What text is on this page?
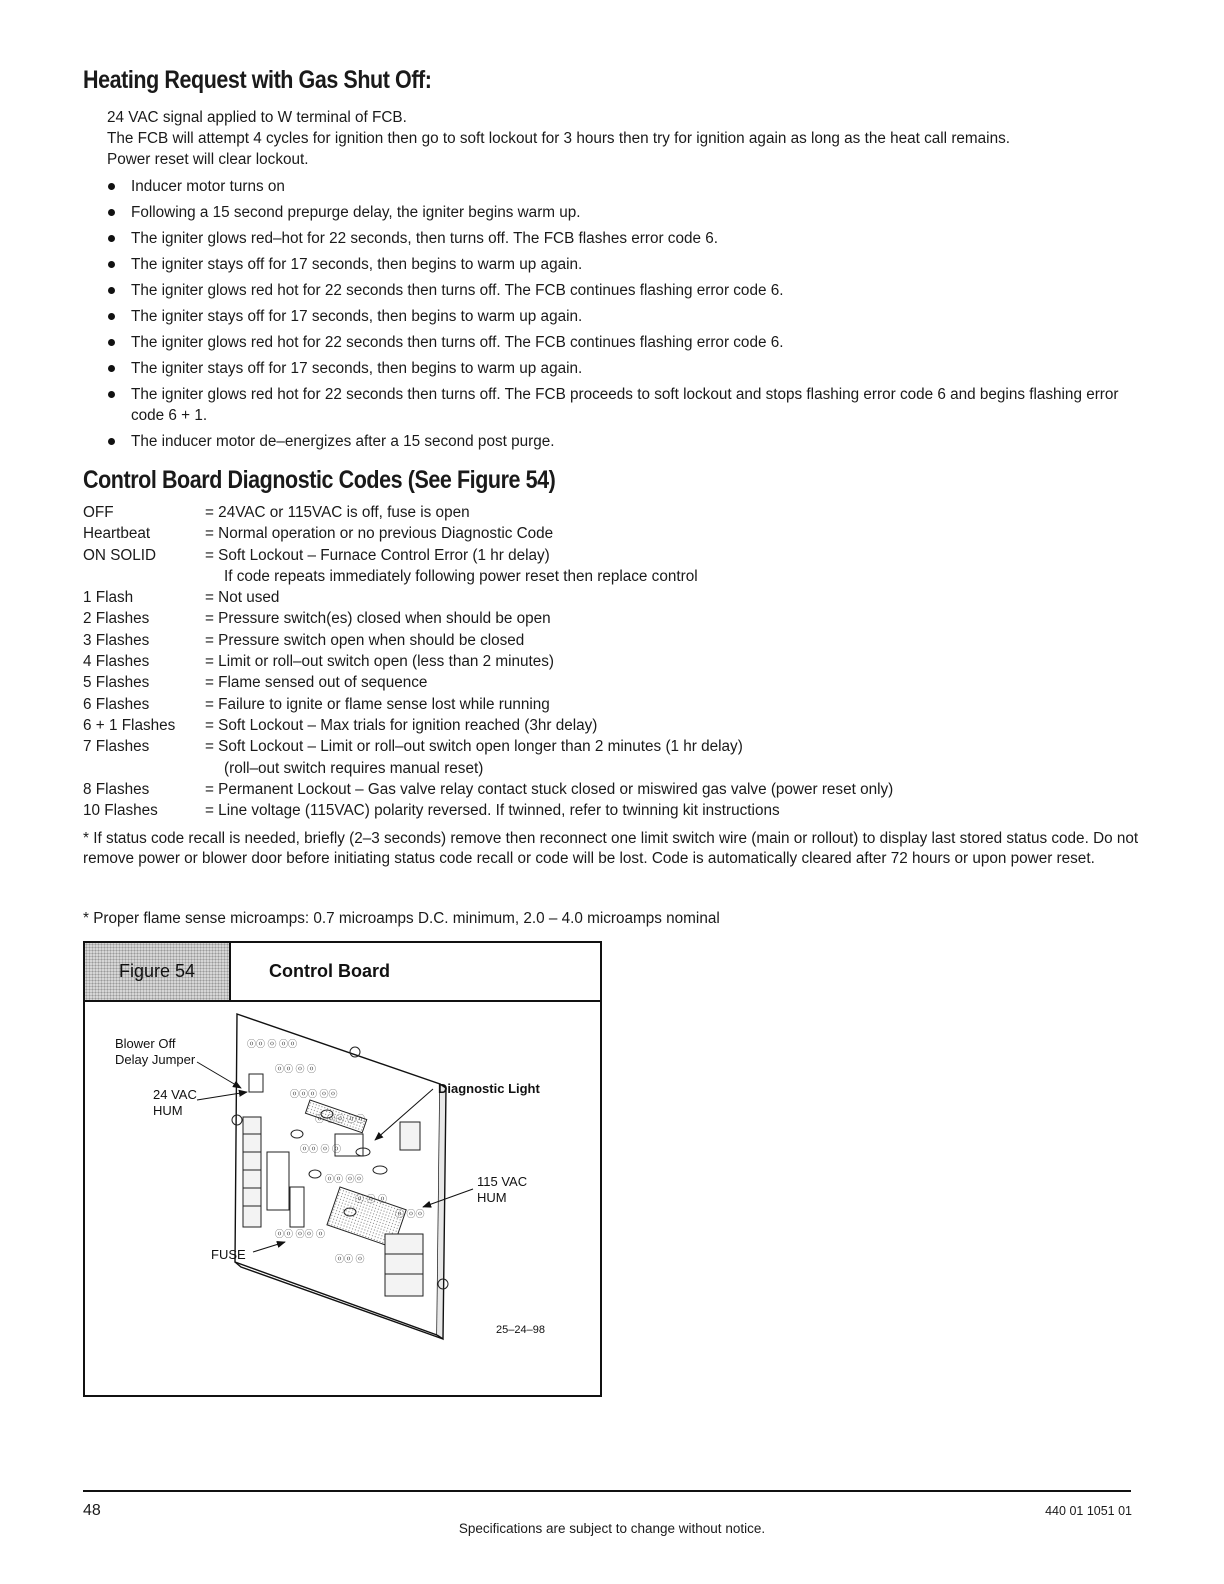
Heating Request with Gas Shut Off:
24 VAC signal applied to W terminal of FCB.
The FCB will attempt 4 cycles for ignition then go to soft lockout for 3 hours then try for ignition again as long as the heat call remains.
Power reset will clear lockout.
Inducer motor turns on
Following a 15 second prepurge delay, the igniter begins warm up.
The igniter glows red–hot for 22 seconds, then turns off. The FCB flashes error code 6.
The igniter stays off for 17 seconds, then begins to warm up again.
The igniter glows red hot for 22 seconds then turns off. The FCB continues flashing error code 6.
The igniter stays off for 17 seconds, then begins to warm up again.
The igniter glows red hot for 22 seconds then turns off. The FCB continues flashing error code 6.
The igniter stays off for 17 seconds, then begins to warm up again.
The igniter glows red hot for 22 seconds then turns off. The FCB proceeds to soft lockout and stops flashing error code 6 and begins flashing error code 6 + 1.
The inducer motor de–energizes after a 15 second post purge.
Control Board Diagnostic Codes (See Figure 54)
OFF	= 24VAC or 115VAC is off, fuse is open
Heartbeat	= Normal operation or no previous Diagnostic Code
ON SOLID	= Soft Lockout – Furnace Control Error (1 hr delay)
	If code repeats immediately following power reset then replace control
1 Flash	= Not used
2 Flashes	= Pressure switch(es) closed when should be open
3 Flashes	= Pressure switch open when should be closed
4 Flashes	= Limit or roll–out switch open (less than 2 minutes)
5 Flashes	= Flame sensed out of sequence
6 Flashes	= Failure to ignite or flame sense lost while running
6 + 1 Flashes	= Soft Lockout – Max trials for ignition reached (3hr delay)
7 Flashes	= Soft Lockout – Limit or roll–out switch open longer than 2 minutes (1 hr delay)
	(roll–out switch requires manual reset)
8 Flashes	= Permanent Lockout – Gas valve relay contact stuck closed or miswired gas valve (power reset only)
10 Flashes	= Line voltage (115VAC) polarity reversed. If twinned, refer to twinning kit instructions

* If status code recall is needed, briefly (2–3 seconds) remove then reconnect one limit switch wire (main or rollout) to display last stored status code. Do not remove power or blower door before initiating status code recall or code will be lost. Code is automatically cleared after 72 hours or upon power reset.

* Proper flame sense microamps: 0.7 microamps D.C. minimum, 2.0 – 4.0 microamps nominal

Figure 54	Control Board
ⓞⓞ ⓞ ⓞⓞ
ⓞⓞ ⓞ ⓞ
ⓞⓞⓞ ⓞⓞ
ⓞ ⓞⓞ ⓞⓞ
ⓞⓞ ⓞ ⓞ
ⓞⓞ ⓞⓞ
ⓞ ⓞ ⓞ
ⓞⓞ ⓞⓞ ⓞ
ⓞⓞ ⓞ
ⓞ ⓞⓞ
Blower Off
Delay Jumper
24 VAC
HUM
Diagnostic Light
115 VAC
HUM
FUSE
25–24–98
48	440 01 1051 01
Specifications are subject to change without notice.
